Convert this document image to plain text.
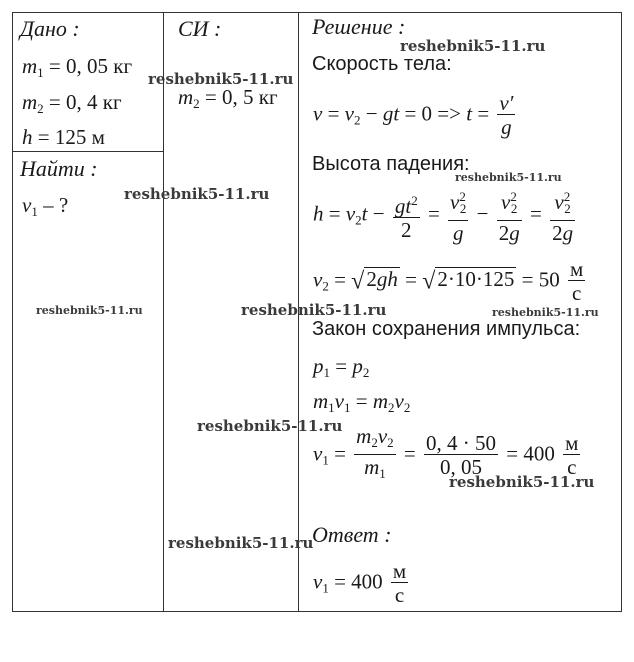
Дано :	СИ :	Решение :
Найти :
$m_1 = 0$, 05 кг
$m_2 = 0$, 4 кг
h = 125 м
$m_2 = 0$, 5 кг
$v_1$ – ?
Скорость тела:
$v = v_2$ − gt = $0 => t = \frac{v'}{g}$
Высота падения:
$h = v_2t - \frac{gt^2}{2} = \frac{v^2_2}{g} - \frac{v^2_2}{2g} = \frac{v^2_2}{2g}$
$v_2 = √2gh = √2\cdot 10\cdot 125 = 50 \frac{м}{с}$
Закон сохранения импульса:
$p_1 = p_2$
$m_1v_1 = m_2v_2$
$v_1 = \frac{m_2v_2}{m_1} = \frac{0, 4 \cdot 50}{0, 05} = 400 \frac{м}{с}$
Ответ :
$v_1 = 400 \frac{м}{с}$
reshebnik5-11.ru
reshebnik5-11.ru
reshebnik5-11.ru
reshebnik5-11.ru
reshebnik5-11.ru	reshebnik5-11.ru	reshebnik5-11.ru
reshebnik5-11.ru
reshebnik5-11.ru
reshebnik5-11.ru
